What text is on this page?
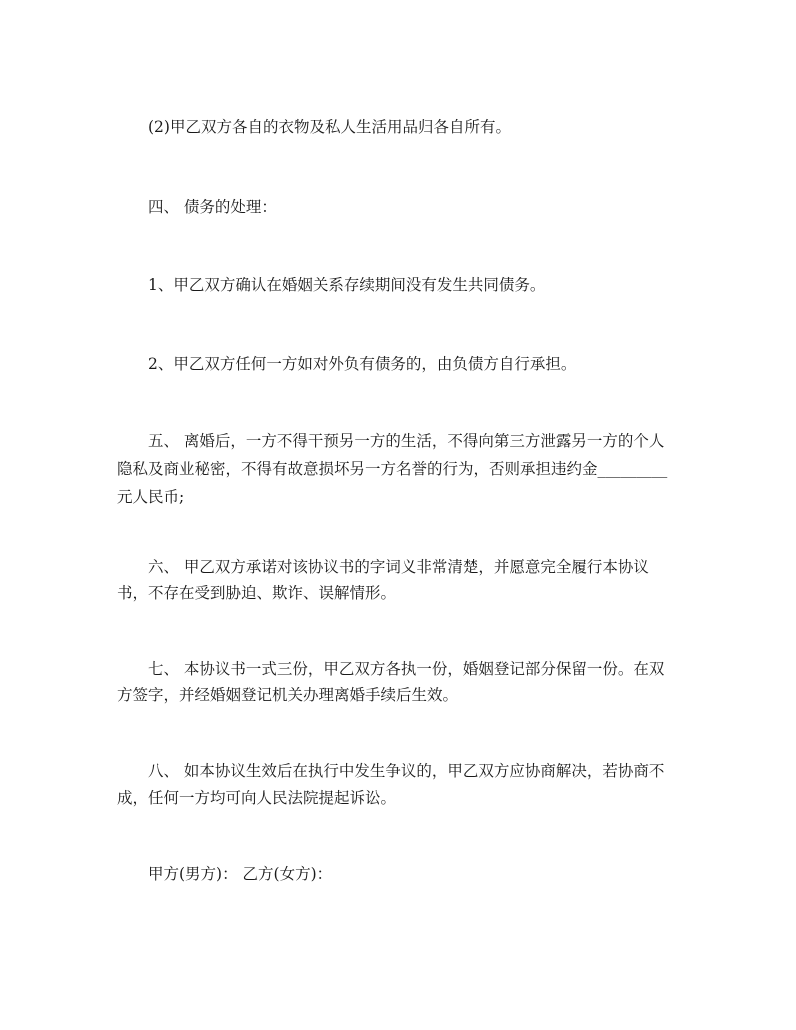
(2)甲乙双方各自的衣物及私人生活用品归各自所有。
四、 债务的处理：
1、甲乙双方确认在婚姻关系存续期间没有发生共同债务。
2、甲乙双方任何一方如对外负有债务的，由负债方自行承担。
五、 离婚后，一方不得干预另一方的生活，不得向第三方泄露另一方的个人
隐私及商业秘密，不得有故意损坏另一方名誉的行为，否则承担违约金_________
元人民币;
六、 甲乙双方承诺对该协议书的字词义非常清楚，并愿意完全履行本协议
书，不存在受到胁迫、欺诈、误解情形。
七、 本协议书一式三份，甲乙双方各执一份，婚姻登记部分保留一份。在双
方签字，并经婚姻登记机关办理离婚手续后生效。
八、 如本协议生效后在执行中发生争议的，甲乙双方应协商解决，若协商不
成，任何一方均可向人民法院提起诉讼。
甲方(男方)： 乙方(女方)：
